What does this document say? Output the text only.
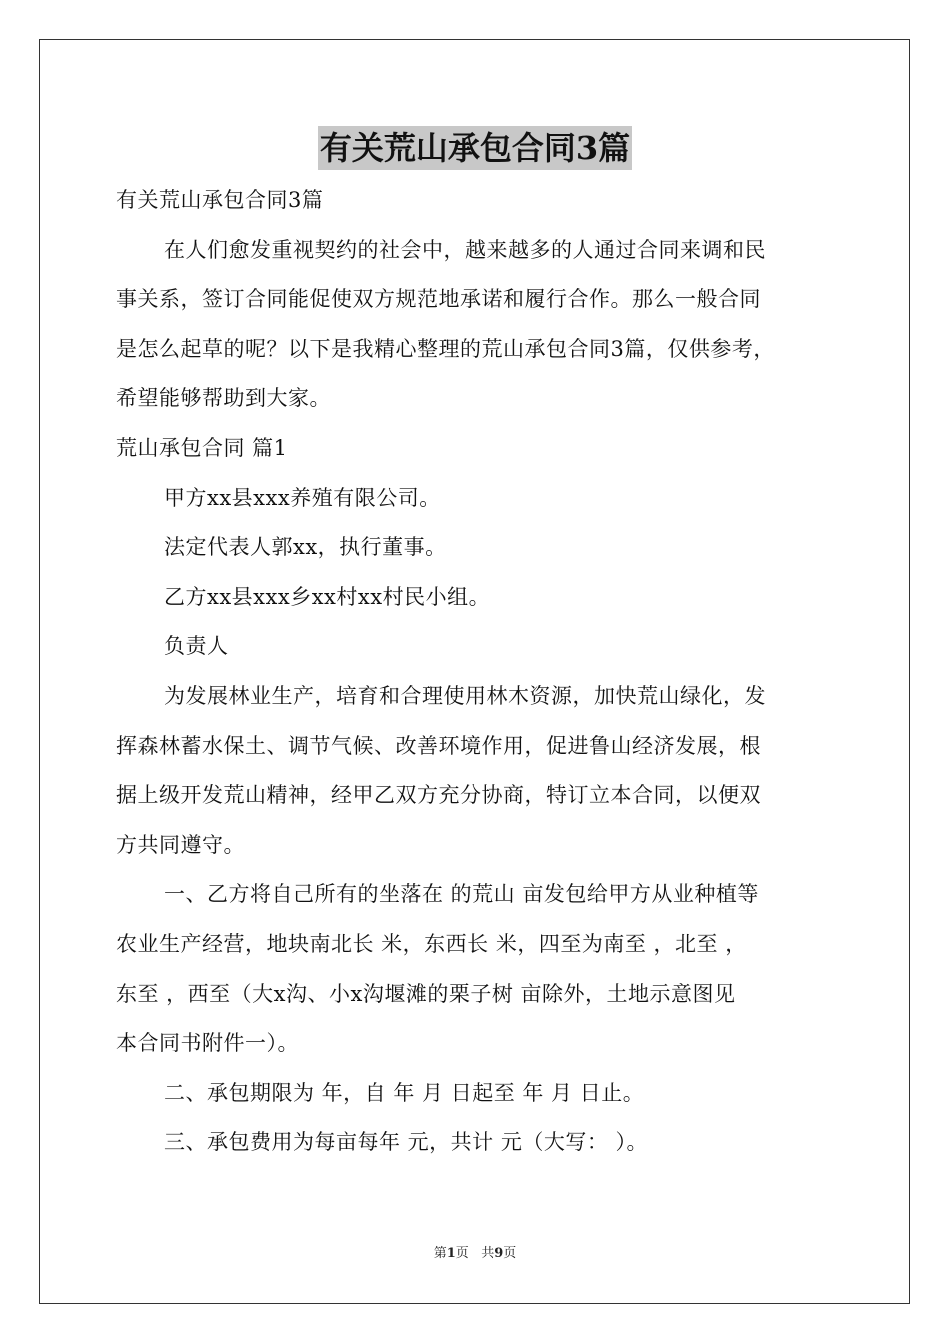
有关荒山承包合同3篇
有关荒山承包合同3篇
在人们愈发重视契约的社会中，越来越多的人通过合同来调和民
事关系，签订合同能促使双方规范地承诺和履行合作。那么一般合同
是怎么起草的呢？以下是我精心整理的荒山承包合同3篇，仅供参考，
希望能够帮助到大家。
荒山承包合同 篇1
甲方xx县xxx养殖有限公司。
法定代表人郭xx，执行董事。
乙方xx县xxx乡xx村xx村民小组。
负责人
为发展林业生产，培育和合理使用林木资源，加快荒山绿化，发
挥森林蓄水保土、调节气候、改善环境作用，促进鲁山经济发展，根
据上级开发荒山精神，经甲乙双方充分协商，特订立本合同，以便双
方共同遵守。
一、乙方将自己所有的坐落在 的荒山 亩发包给甲方从业种植等
农业生产经营，地块南北长 米，东西长 米，四至为南至 ，北至 ，
东至 ，西至（大x沟、小x沟堰滩的栗子树 亩除外，土地示意图见
本合同书附件一）。
二、承包期限为 年，自 年 月 日起至 年 月 日止。
三、承包费用为每亩每年 元，共计 元（大写： ）。
第1页   共9页
